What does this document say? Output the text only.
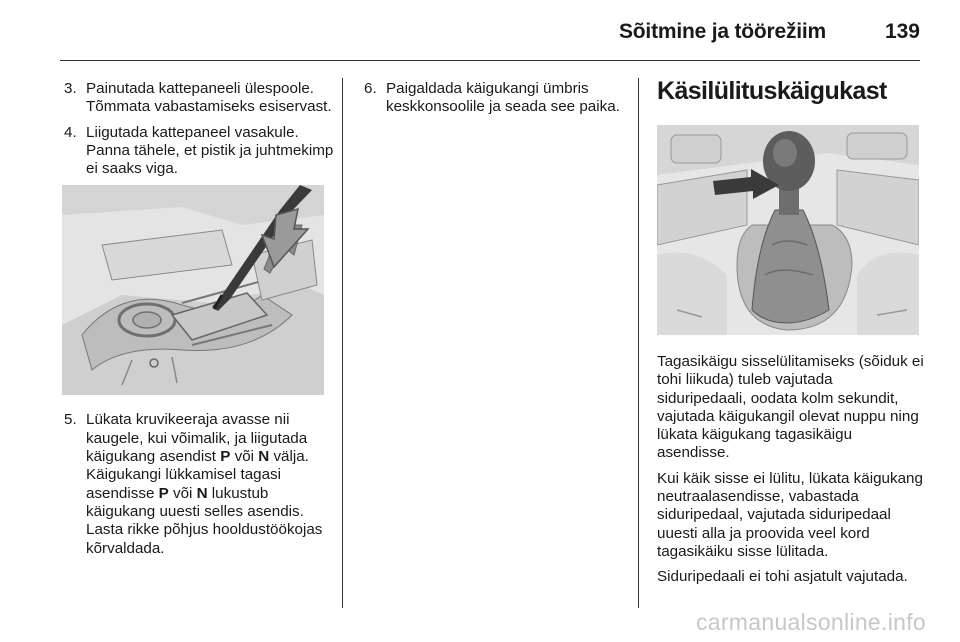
Sõitmine ja töörežiim	139
3. Painutada kattepaneeli ülespoole. Tõmmata vabastamiseks esiservast.
4. Liigutada kattepaneel vasakule. Panna tähele, et pistik ja juhtmekimp ei saaks viga.
5. Lükata kruvikeeraja avasse nii kaugele, kui võimalik, ja liigutada käigukang asendist P või N välja. Käigukangi lükkamisel tagasi asendisse P või N lukustub käigukang uuesti selles asendis. Lasta rikke põhjus hooldustöökojas kõrvaldada.
6. Paigaldada käigukangi ümbris keskkonsoolile ja seada see paika.
Käsilülituskäigukast

Tagasikäigu sisselülitamiseks (sõiduk ei tohi liikuda) tuleb vajutada siduripedaali, oodata kolm sekundit, vajutada käigukangil olevat nuppu ning lükata käigukang tagasikäigu asendisse.

Kui käik sisse ei lülitu, lükata käigukang neutraalasendisse, vabastada siduripedaal, vajutada siduripedaal uuesti alla ja proovida veel kord tagasikäiku sisse lülitada.

Siduripedaali ei tohi asjatult vajutada.

carmanualsonline.info
